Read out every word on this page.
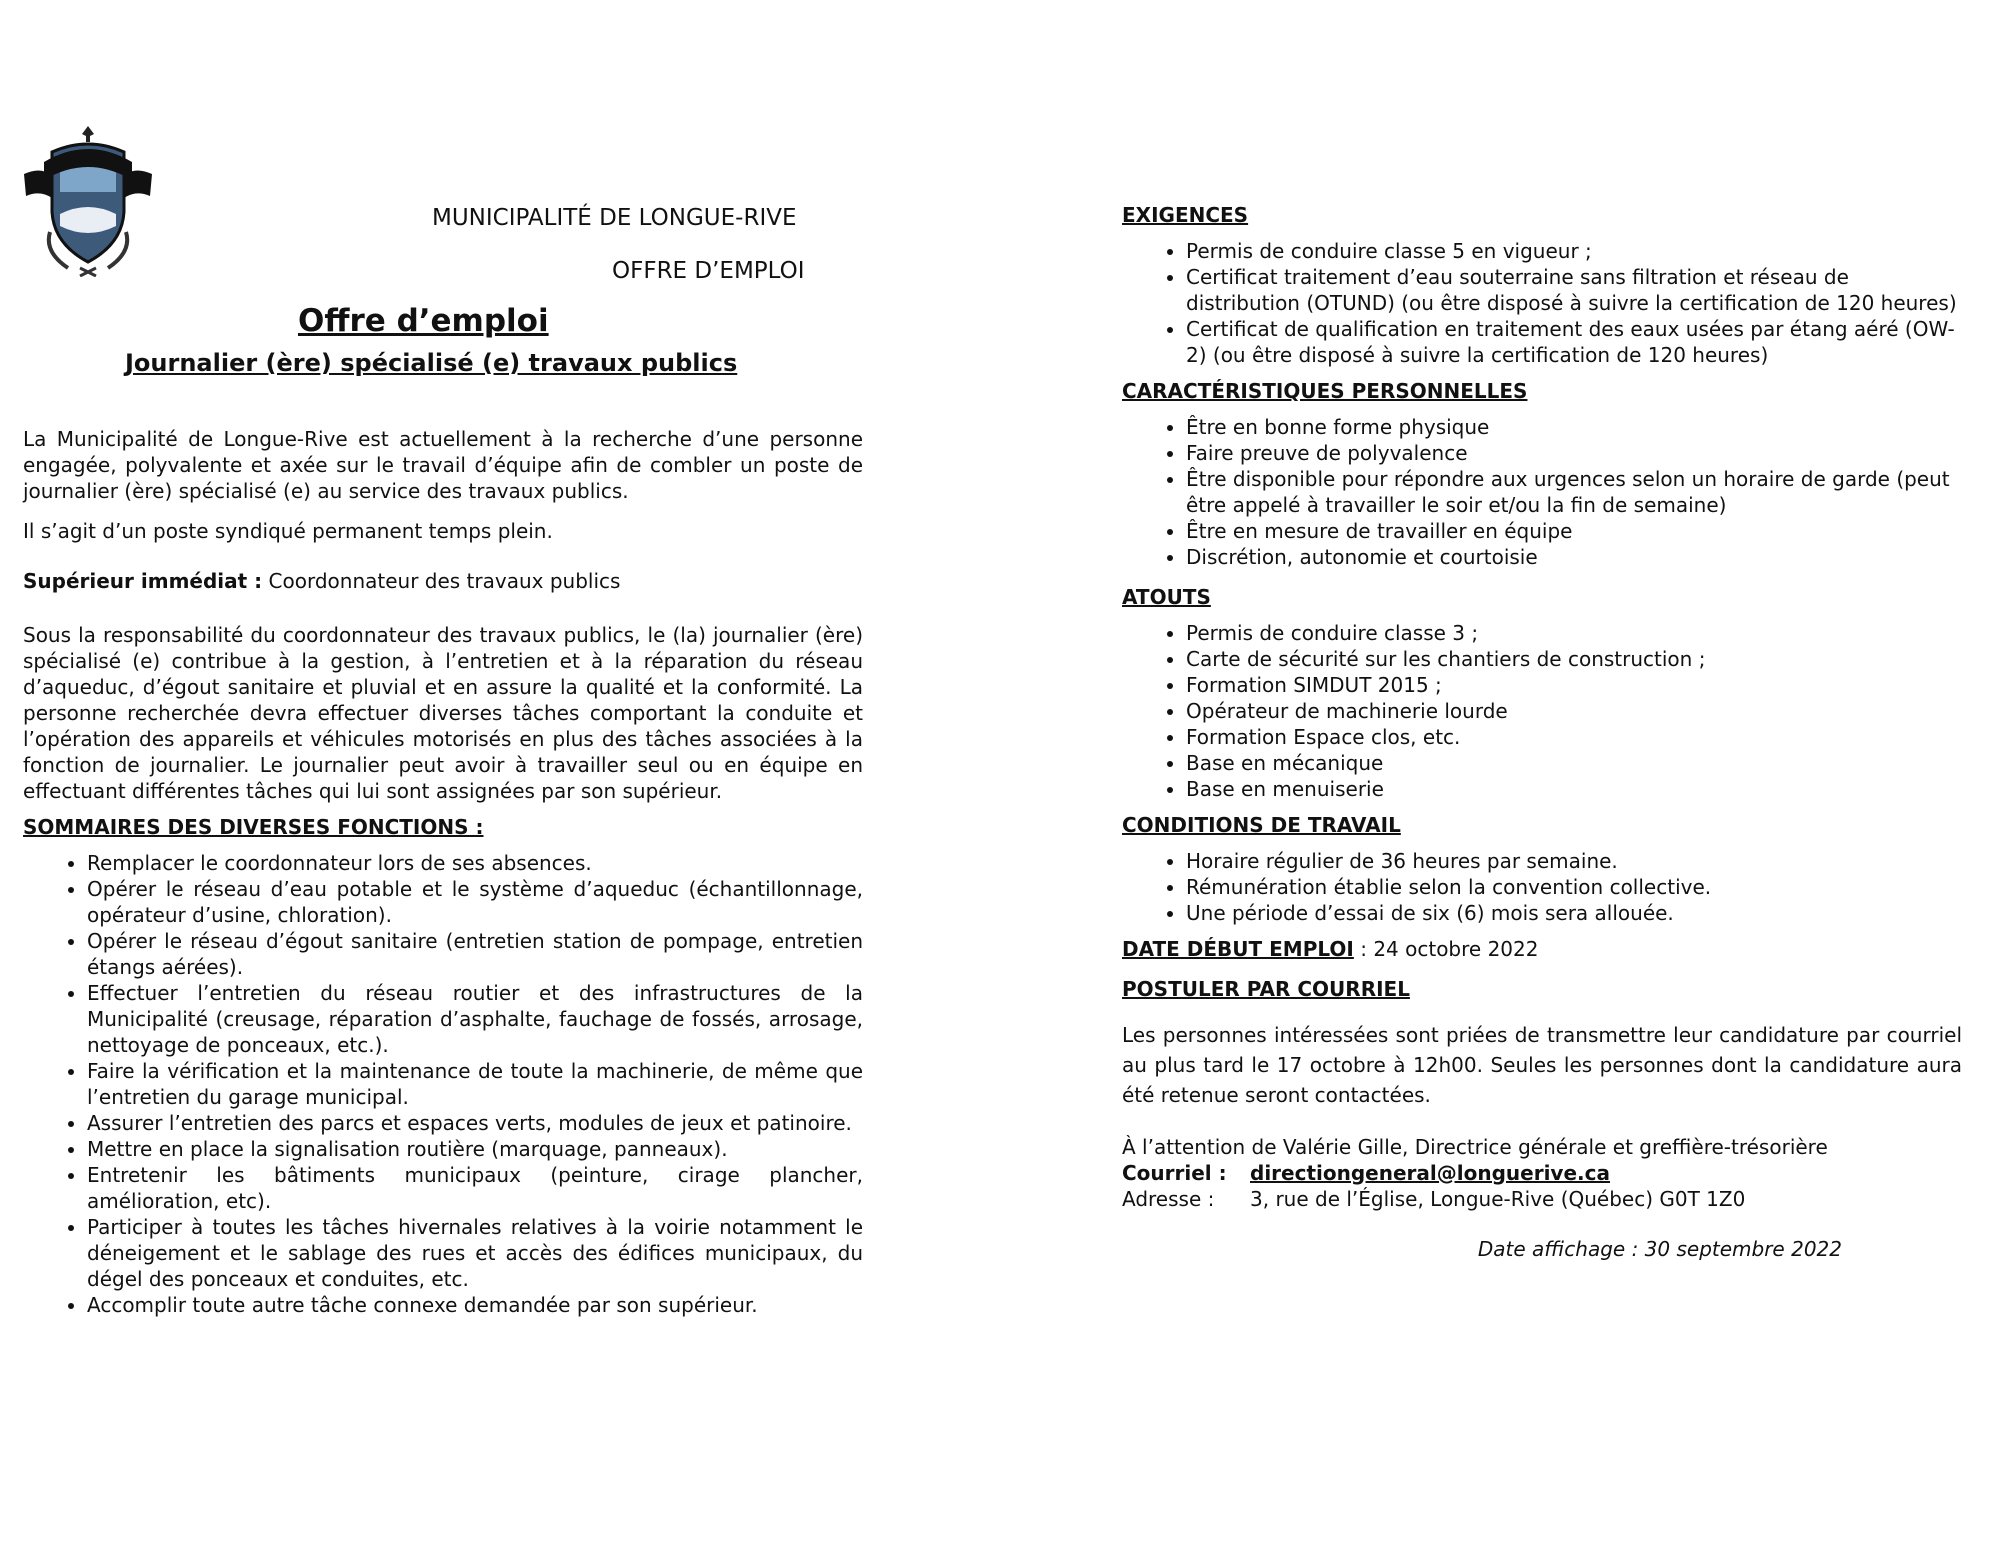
MUNICIPALITÉ DE LONGUE-RIVE
OFFRE D’EMPLOI
Offre d’emploi
Journalier (ère) spécialisé (e) travaux publics

La Municipalité de Longue-Rive est actuellement à la recherche d’une personne engagée, polyvalente et axée sur le travail d’équipe afin de combler un poste de journalier (ère) spécialisé (e) au service des travaux publics.

Il s’agit d’un poste syndiqué permanent temps plein.

Supérieur immédiat : Coordonnateur des travaux publics

Sous la responsabilité du coordonnateur des travaux publics, le (la) journalier (ère) spécialisé (e) contribue à la gestion, à l’entretien et à la réparation du réseau d’aqueduc, d’égout sanitaire et pluvial et en assure la qualité et la conformité. La personne recherchée devra effectuer diverses tâches comportant la conduite et l’opération des appareils et véhicules motorisés en plus des tâches associées à la fonction de journalier. Le journalier peut avoir à travailler seul ou en équipe en effectuant différentes tâches qui lui sont assignées par son supérieur.

SOMMAIRES DES DIVERSES FONCTIONS :

• Remplacer le coordonnateur lors de ses absences.
• Opérer le réseau d’eau potable et le système d’aqueduc (échantillonnage, opérateur d’usine, chloration).
• Opérer le réseau d’égout sanitaire (entretien station de pompage, entretien étangs aérées).
• Effectuer l’entretien du réseau routier et des infrastructures de la Municipalité (creusage, réparation d’asphalte, fauchage de fossés, arrosage, nettoyage de ponceaux, etc.).
• Faire la vérification et la maintenance de toute la machinerie, de même que l’entretien du garage municipal.
• Assurer l’entretien des parcs et espaces verts, modules de jeux et patinoire.
• Mettre en place la signalisation routière (marquage, panneaux).
• Entretenir les bâtiments municipaux (peinture, cirage plancher, amélioration, etc).
• Participer à toutes les tâches hivernales relatives à la voirie notamment le déneigement et le sablage des rues et accès des édifices municipaux, du dégel des ponceaux et conduites, etc.
• Accomplir toute autre tâche connexe demandée par son supérieur.

EXIGENCES

• Permis de conduire classe 5 en vigueur ;
• Certificat traitement d’eau souterraine sans filtration et réseau de distribution (OTUND) (ou être disposé à suivre la certification de 120 heures)
• Certificat de qualification en traitement des eaux usées par étang aéré (OW-2) (ou être disposé à suivre la certification de 120 heures)

CARACTÉRISTIQUES PERSONNELLES

• Être en bonne forme physique
• Faire preuve de polyvalence
• Être disponible pour répondre aux urgences selon un horaire de garde (peut être appelé à travailler le soir et/ou la fin de semaine)
• Être en mesure de travailler en équipe
• Discrétion, autonomie et courtoisie

ATOUTS

• Permis de conduire classe 3 ;
• Carte de sécurité sur les chantiers de construction ;
• Formation SIMDUT 2015 ;
• Opérateur de machinerie lourde
• Formation Espace clos, etc.
• Base en mécanique
• Base en menuiserie

CONDITIONS DE TRAVAIL

• Horaire régulier de 36 heures par semaine.
• Rémunération établie selon la convention collective.
• Une période d’essai de six (6) mois sera allouée.

DATE DÉBUT EMPLOI : 24 octobre 2022

POSTULER PAR COURRIEL

Les personnes intéressées sont priées de transmettre leur candidature par courriel au plus tard le 17 octobre à 12h00. Seules les personnes dont la candidature aura été retenue seront contactées.

À l’attention de Valérie Gille, Directrice générale et greffière-trésorière

Courriel :	directiongeneral@longuerive.ca
Adresse :	3, rue de l’Église, Longue-Rive (Québec) G0T 1Z0

Date affichage : 30 septembre 2022
